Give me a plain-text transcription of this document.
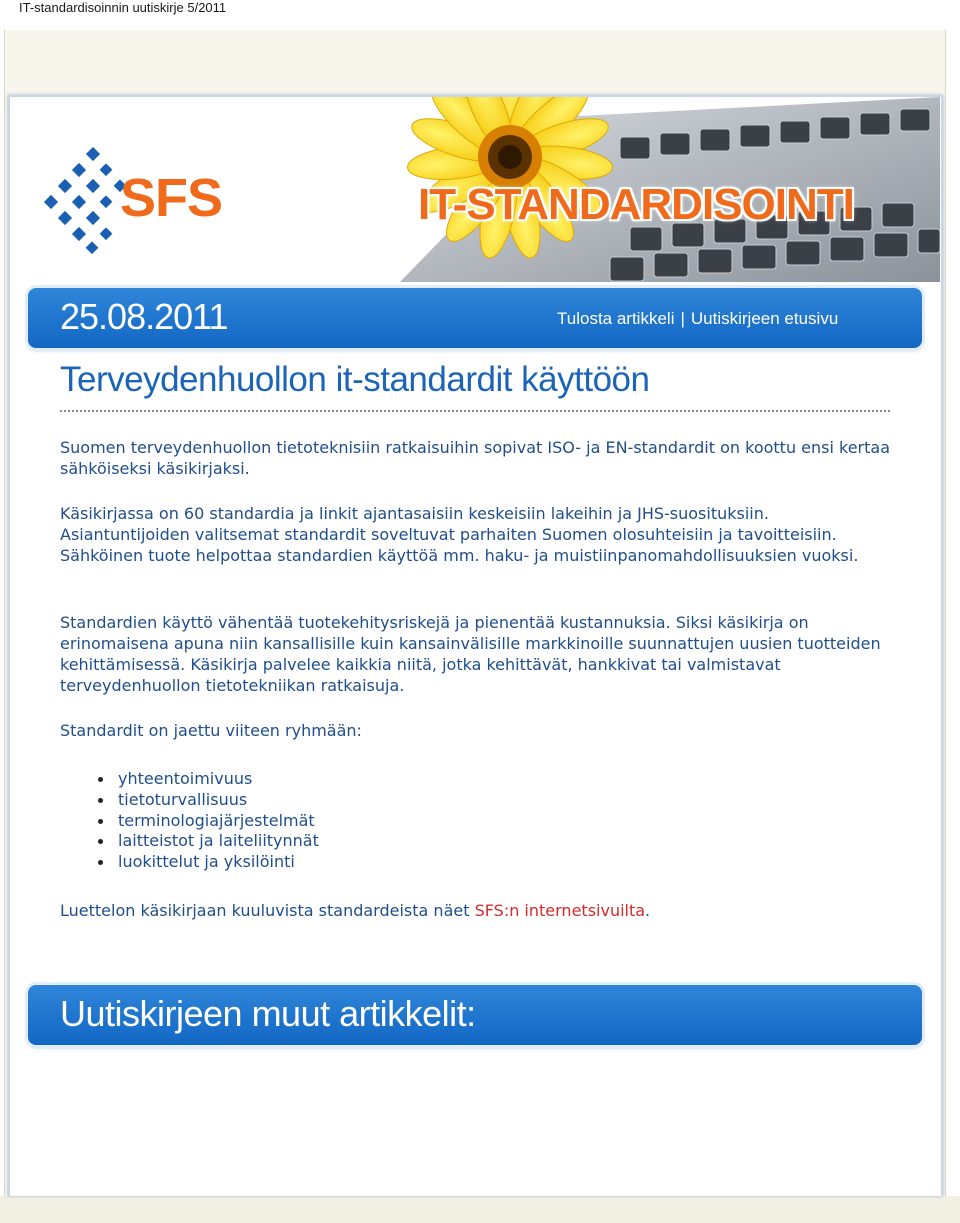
IT-standardisoinnin uutiskirje 5/2011
SFS	IT-STANDARDISOINTI
25.08.2011	Tulosta artikkeli | Uutiskirjeen etusivu
Terveydenhuollon it-standardit käyttöön

Suomen terveydenhuollon tietoteknisiin ratkaisuihin sopivat ISO- ja EN-standardit on koottu ensi kertaa sähköiseksi käsikirjaksi.

Käsikirjassa on 60 standardia ja linkit ajantasaisiin keskeisiin lakeihin ja JHS-suosituksiin. Asiantuntijoiden valitsemat standardit soveltuvat parhaiten Suomen olosuhteisiin ja tavoitteisiin. Sähköinen tuote helpottaa standardien käyttöä mm. haku- ja muistiinpanomahdollisuuksien vuoksi.

Standardien käyttö vähentää tuotekehitysriskejä ja pienentää kustannuksia. Siksi käsikirja on erinomaisena apuna niin kansallisille kuin kansainvälisille markkinoille suunnattujen uusien tuotteiden kehittämisessä. Käsikirja palvelee kaikkia niitä, jotka kehittävät, hankkivat tai valmistavat terveydenhuollon tietotekniikan ratkaisuja.

Standardit on jaettu viiteen ryhmään:

yhteentoimivuus
tietoturvallisuus
terminologiajärjestelmät
laitteistot ja laiteliitynnät
luokittelut ja yksilöinti

Luettelon käsikirjaan kuuluvista standardeista näet SFS:n internetsivuilta.

Uutiskirjeen muut artikkelit:
